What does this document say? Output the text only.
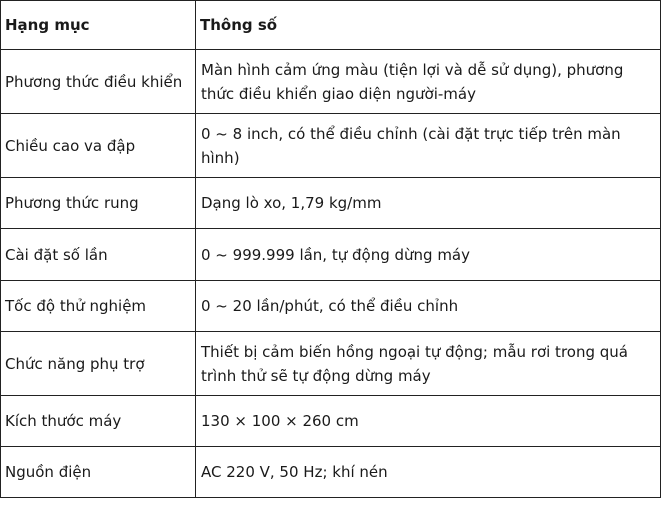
Hạng mục	Thông số
Phương thức điều khiển	Màn hình cảm ứng màu (tiện lợi và dễ sử dụng), phương thức điều khiển giao diện người-máy
Chiều cao va đập	0 ~ 8 inch, có thể điều chỉnh (cài đặt trực tiếp trên màn hình)
Phương thức rung	Dạng lò xo, 1,79 kg/mm
Cài đặt số lần	0 ~ 999.999 lần, tự động dừng máy
Tốc độ thử nghiệm	0 ~ 20 lần/phút, có thể điều chỉnh
Chức năng phụ trợ	Thiết bị cảm biến hồng ngoại tự động; mẫu rơi trong quá trình thử sẽ tự động dừng máy
Kích thước máy	130 × 100 × 260 cm
Nguồn điện	AC 220 V, 50 Hz; khí nén
